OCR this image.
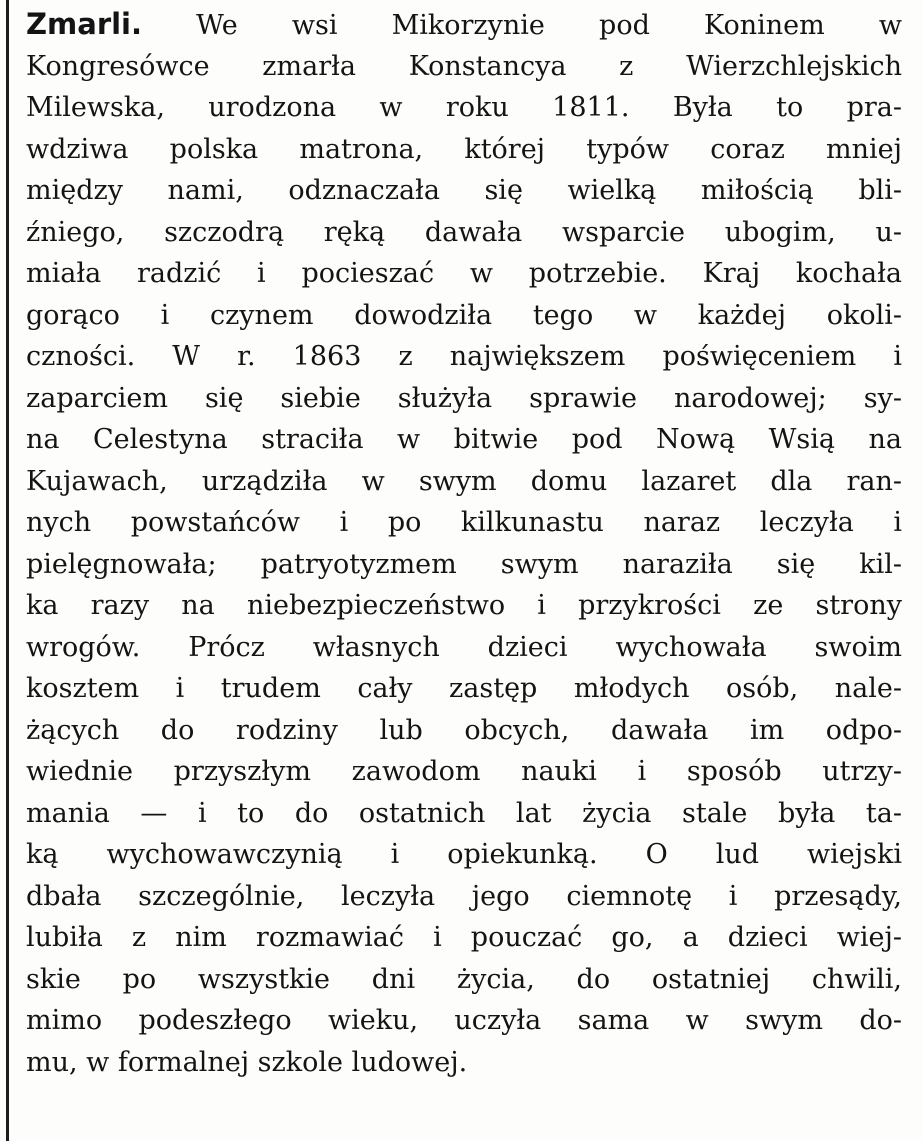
Zmarli. We wsi Mikorzynie pod Koninem w
Kongresówce zmarła Konstancya z Wierzchlejskich
Milewska, urodzona w roku 1811. Była to pra-
wdziwa polska matrona, której typów coraz mniej
między nami, odznaczała się wielką miłością bli-
źniego, szczodrą ręką dawała wsparcie ubogim, u-
miała radzić i pocieszać w potrzebie. Kraj kochała
gorąco i czynem dowodziła tego w każdej okoli-
czności. W r. 1863 z największem poświęceniem i
zaparciem się siebie służyła sprawie narodowej; sy-
na Celestyna straciła w bitwie pod Nową Wsią na
Kujawach, urządziła w swym domu lazaret dla ran-
nych powstańców i po kilkunastu naraz leczyła i
pielęgnowała; patryotyzmem swym naraziła się kil-
ka razy na niebezpieczeństwo i przykrości ze strony
wrogów. Prócz własnych dzieci wychowała swoim
kosztem i trudem cały zastęp młodych osób, nale-
żących do rodziny lub obcych, dawała im odpo-
wiednie przyszłym zawodom nauki i sposób utrzy-
mania — i to do ostatnich lat życia stale była ta-
ką wychowawczynią i opiekunką. O lud wiejski
dbała szczególnie, leczyła jego ciemnotę i przesądy,
lubiła z nim rozmawiać i pouczać go, a dzieci wiej-
skie po wszystkie dni życia, do ostatniej chwili,
mimo podeszłego wieku, uczyła sama w swym do-
mu, w formalnej szkole ludowej.
